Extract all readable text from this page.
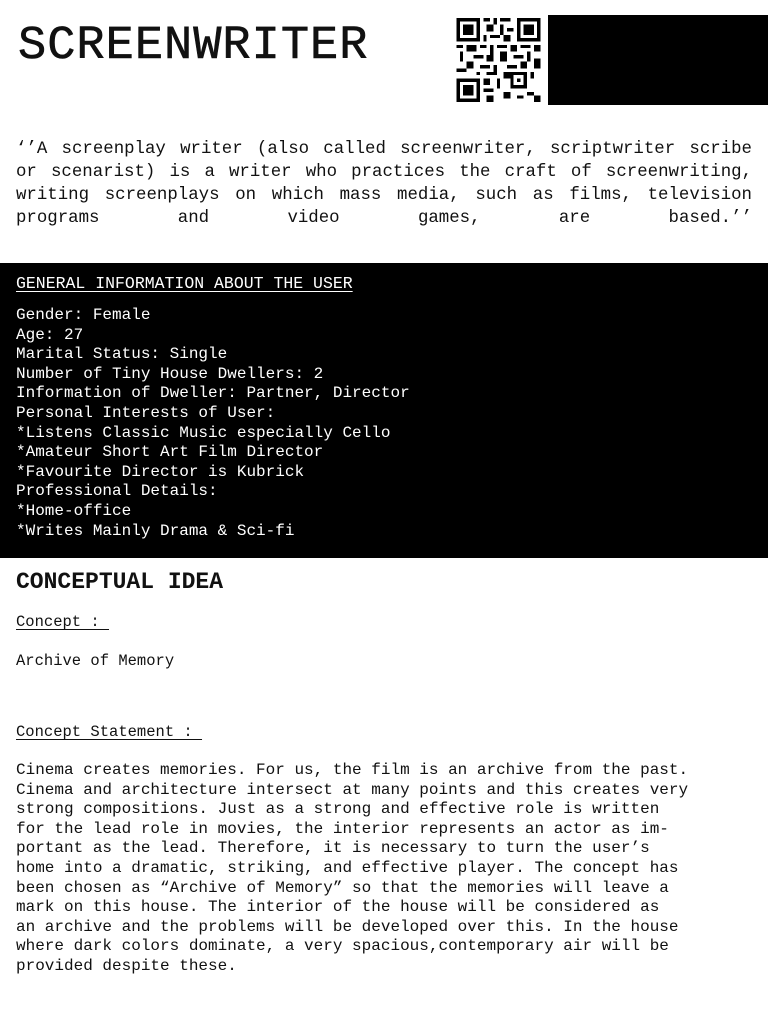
SCREENWRITER

‘’A screenplay writer (also called screenwriter, scriptwriter scribe or scenarist) is a writer who practices the craft of screenwriting, writing screenplays on which mass media, such as films, television programs and video games, are based.’’

GENERAL INFORMATION ABOUT THE USER
Gender: Female
Age: 27
Marital Status: Single
Number of Tiny House Dwellers: 2
Information of Dweller: Partner, Director
Personal Interests of User:
*Listens Classic Music especially Cello
*Amateur Short Art Film Director
*Favourite Director is Kubrick
Professional Details:
*Home-office
*Writes Mainly Drama & Sci-fi
CONCEPTUAL IDEA
Concept :
Archive of Memory
Concept Statement :

Cinema creates memories. For us, the film is an archive from the past.
Cinema and architecture intersect at many points and this creates very
strong compositions. Just as a strong and effective role is written
for the lead role in movies, the interior represents an actor as im-
portant as the lead. Therefore, it is necessary to turn the user’s
home into a dramatic, striking, and effective player. The concept has
been chosen as “Archive of Memory” so that the memories will leave a
mark on this house. The interior of the house will be considered as
an archive and the problems will be developed over this. In the house
where dark colors dominate, a very spacious,contemporary air will be
provided despite these.
